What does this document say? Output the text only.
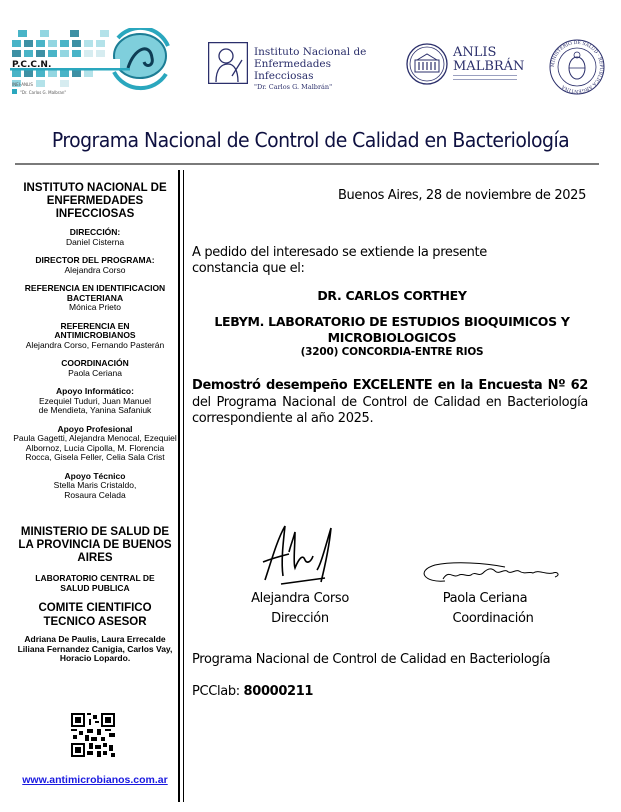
P.C.C.N.
INEI-ANLIS
"Dr. Carlos G. Malbran"
Instituto Nacional de
Enfermedades Infecciosas
"Dr. Carlos G. Malbrán"
ANLIS
MALBRÁN	MINISTERIO DE SALUD · REPÚBLICA ARGENTINA
Programa Nacional de Control de Calidad en Bacteriología
INSTITUTO NACIONAL DE ENFERMEDADES INFECCIOSAS
DIRECCIÓN:
Daniel Cisterna
DIRECTOR DEL PROGRAMA:
Alejandra Corso
REFERENCIA EN IDENTIFICACION BACTERIANA
Mónica Prieto
REFERENCIA EN ANTIMICROBIANOS
Alejandra Corso, Fernando Pasterán
COORDINACIÓN
Paola Ceriana
Apoyo Informático:
Ezequiel Tuduri, Juan Manuel de Mendieta, Yanina Safaniuk
Apoyo Profesional
Paula Gagetti, Alejandra Menocal, Ezequiel Albornoz, Lucia Cipolla, M. Florencia Rocca, Gisela Feller, Celia Sala Crist
Apoyo Técnico
Stella Maris Cristaldo, Rosaura Celada
MINISTERIO DE SALUD DE LA PROVINCIA DE BUENOS AIRES
LABORATORIO CENTRAL DE SALUD PUBLICA
COMITE CIENTIFICO TECNICO ASESOR
Adriana De Paulis, Laura Errecalde Liliana Fernandez Canigia, Carlos Vay, Horacio Lopardo.
www.antimicrobianos.com.ar
Buenos Aires, 28 de noviembre de 2025
A pedido del interesado se extiende la presente constancia que el:
DR. CARLOS CORTHEY
LEBYM. LABORATORIO DE ESTUDIOS BIOQUIMICOS Y MICROBIOLOGICOS
(3200) CONCORDIA-ENTRE RIOS
Demostró desempeño EXCELENTE en la Encuesta Nº 62 del Programa Nacional de Control de Calidad en Bacteriología correspondiente al año 2025.
Alejandra Corso
Dirección
Paola Ceriana
Coordinación
Programa Nacional de Control de Calidad en Bacteriología
PCClab: 80000211
